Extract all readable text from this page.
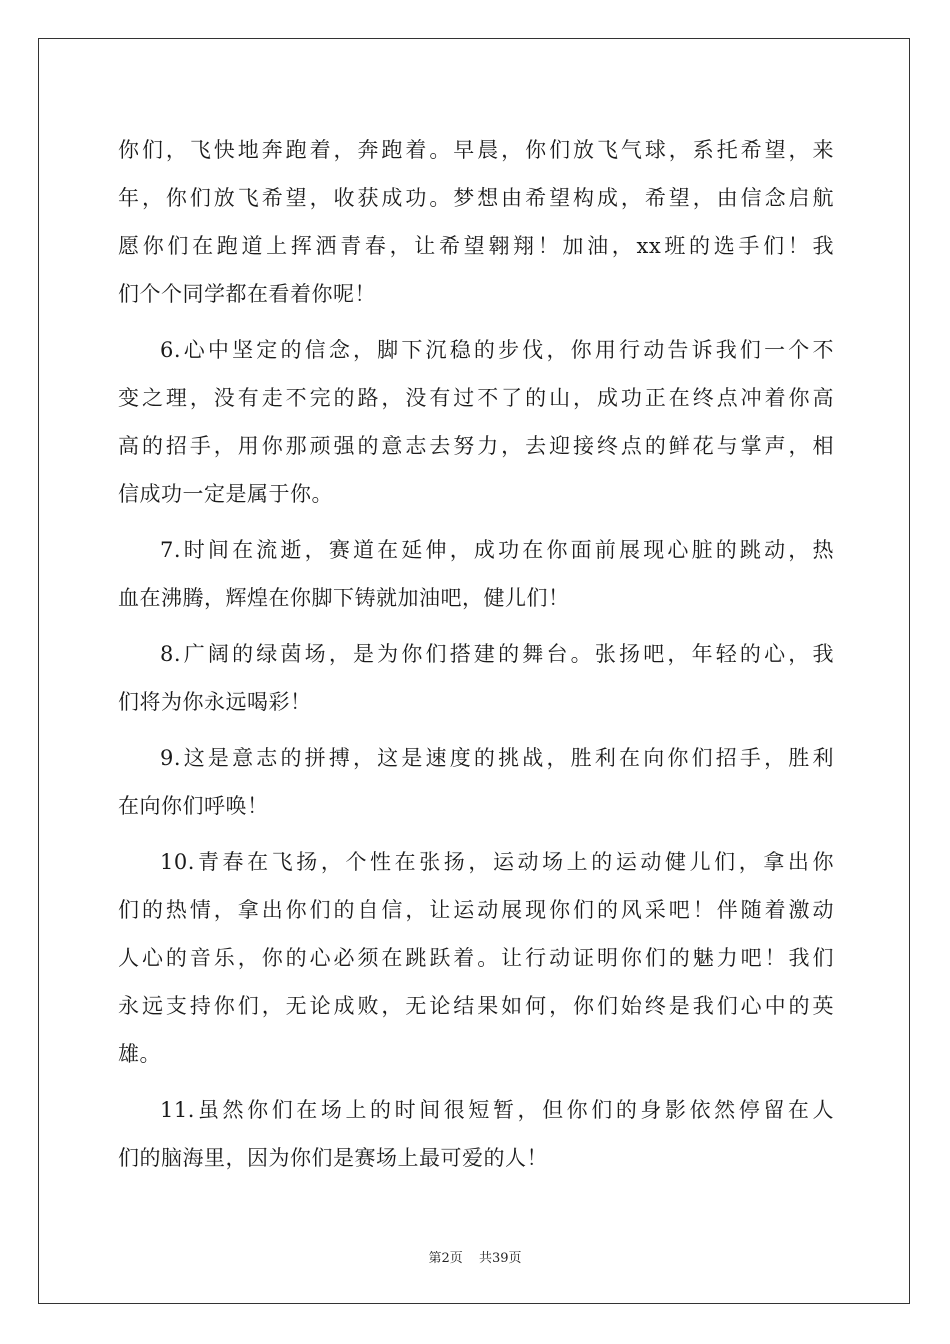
你们，飞快地奔跑着，奔跑着。早晨，你们放飞气球，系托希望，来
年，你们放飞希望，收获成功。梦想由希望构成，希望，由信念启航
愿你们在跑道上挥洒青春，让希望翱翔！加油，xx班的选手们！我
们个个同学都在看着你呢！
6.心中坚定的信念，脚下沉稳的步伐，你用行动告诉我们一个不
变之理，没有走不完的路，没有过不了的山，成功正在终点冲着你高
高的招手，用你那顽强的意志去努力，去迎接终点的鲜花与掌声，相
信成功一定是属于你。
7.时间在流逝，赛道在延伸，成功在你面前展现心脏的跳动，热
血在沸腾，辉煌在你脚下铸就加油吧，健儿们！
8.广阔的绿茵场，是为你们搭建的舞台。张扬吧，年轻的心，我
们将为你永远喝彩！
9.这是意志的拼搏，这是速度的挑战，胜利在向你们招手，胜利
在向你们呼唤！
10.青春在飞扬，个性在张扬，运动场上的运动健儿们，拿出你
们的热情，拿出你们的自信，让运动展现你们的风采吧！伴随着激动
人心的音乐，你的心必须在跳跃着。让行动证明你们的魅力吧！我们
永远支持你们，无论成败，无论结果如何，你们始终是我们心中的英
雄。
11.虽然你们在场上的时间很短暂，但你们的身影依然停留在人
们的脑海里，因为你们是赛场上最可爱的人！
第2页 共39页
